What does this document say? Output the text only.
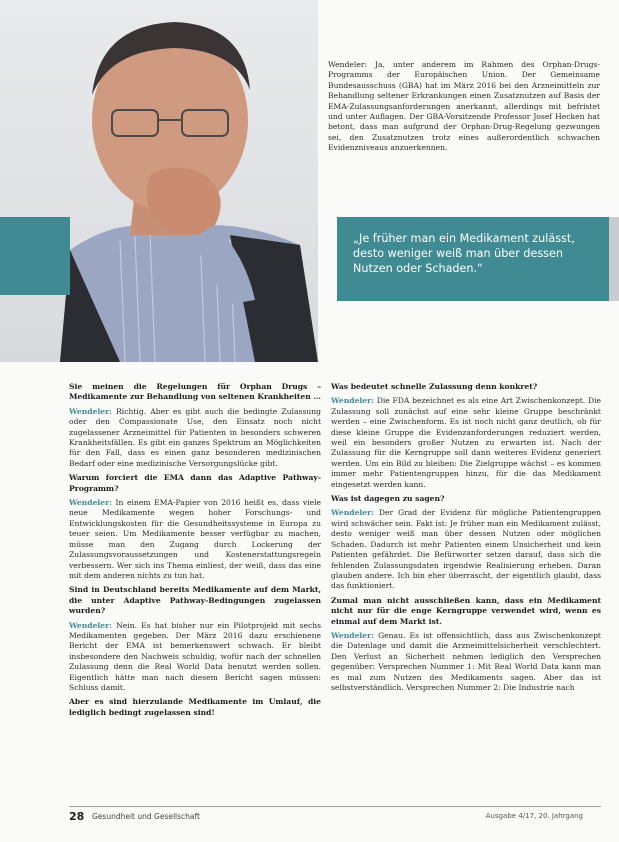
Wendeler: Ja, unter anderem im Rahmen des Orphan-Drugs-Programms der Europäischen Union. Der Gemeinsame Bundesausschuss (GBA) hat im März 2016 bei den Arzneimitteln zur Behandlung seltener Erkrankungen einen Zusatznutzen auf Basis der EMA-Zulassungsanforderungen anerkannt, allerdings mit befristet und unter Auflagen. Der GBA-Vorsitzende Professor Josef Hecken hat betont, dass man aufgrund der Orphan-Drug-Regelung gezwungen sei, den Zusatznutzen trotz eines außerordentlich schwachen Evidenzniveaus anzuerkennen.

„Je früher man ein Medikament zulässt, desto weniger weiß man über dessen Nutzen oder Schaden.“

Sie meinen die Regelungen für Orphan Drugs – Medikamente zur Behandlung von seltenen Krankheiten …

Wendeler: Richtig. Aber es gibt auch die bedingte Zulassung oder den Compassionate Use, den Einsatz noch nicht zugelassener Arzneimittel für Patienten in besonders schweren Krankheitsfällen. Es gibt ein ganzes Spektrum an Möglichkeiten für den Fall, dass es einen ganz besonderen medizinischen Bedarf oder eine medizinische Versorgungslücke gibt.

Warum forciert die EMA dann das Adaptive Pathway-Programm?

Wendeler: In einem EMA-Papier von 2016 heißt es, dass viele neue Medikamente wegen hoher Forschungs- und Entwicklungskosten für die Gesundheitssysteme in Europa zu teuer seien. Um Medikamente besser verfügbar zu machen, müsse man den Zugang durch Lockerung der Zulassungsvoraussetzungen und Kostenerstattungsregeln verbessern. Wer sich ins Thema einliest, der weiß, dass das eine mit dem anderen nichts zu tun hat.

Sind in Deutschland bereits Medikamente auf dem Markt, die unter Adaptive Pathway-Bedingungen zugelassen wurden?

Wendeler: Nein. Es hat bisher nur ein Pilotprojekt mit sechs Medikamenten gegeben. Der März 2016 dazu erschienene Bericht der EMA ist bemerkenswert schwach. Er bleibt insbesondere den Nachweis schuldig, wofür nach der schnellen Zulassung denn die Real World Data benutzt werden sollen. Eigentlich hätte man nach diesem Bericht sagen müssen: Schluss damit.

Aber es sind hierzulande Medikamente im Umlauf, die lediglich bedingt zugelassen sind!

Was bedeutet schnelle Zulassung denn konkret?

Wendeler: Die FDA bezeichnet es als eine Art Zwischenkonzept. Die Zulassung soll zunächst auf eine sehr kleine Gruppe beschränkt werden – eine Zwischenform. Es ist noch nicht ganz deutlich, ob für diese kleine Gruppe die Evidenzanforderungen reduziert werden, weil ein besonders großer Nutzen zu erwarten ist. Nach der Zulassung für die Kerngruppe soll dann weiteres Evidenz generiert werden. Um ein Bild zu bleiben: Die Zielgruppe wächst – es kommen immer mehr Patientengruppen hinzu, für die das Medikament eingesetzt werden kann.

Was ist dagegen zu sagen?

Wendeler: Der Grad der Evidenz für mögliche Patientengruppen wird schwächer sein. Fakt ist: Je früher man ein Medikament zulässt, desto weniger weiß man über dessen Nutzen oder möglichen Schaden. Dadurch ist mehr Patienten einem Unsicherheit und kein Patienten gefährdet. Die Befürworter setzen darauf, dass sich die fehlenden Zulassungsdaten irgendwie Realisierung erheben. Daran glauben andere. Ich bin eher überrascht, der eigentlich glaubt, dass das funktioniert.

Zumal man nicht ausschließen kann, dass ein Medikament nicht nur für die enge Kerngruppe verwendet wird, wenn es einmal auf dem Markt ist.

Wendeler: Genau. Es ist offensichtlich, dass aus Zwischenkonzept die Datenlage und damit die Arzneimittelsicherheit verschlechtert. Den Verlust an Sicherheit nehmen lediglich den Versprechen gegenüber: Versprechen Nummer 1: Mit Real World Data kann man es mal zum Nutzen des Medikaments sagen. Aber das ist selbstverständlich. Versprechen Nummer 2: Die Industrie nach

28 Gesundheit und Gesellschaft	Ausgabe 4/17, 20. Jahrgang
